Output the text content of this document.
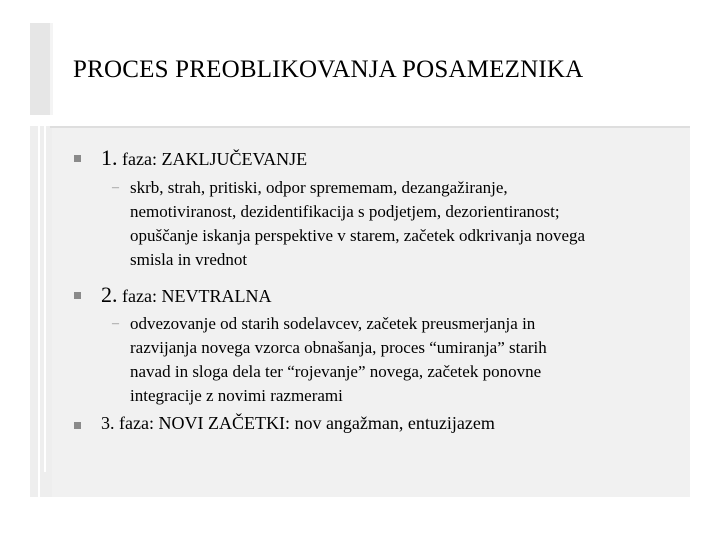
PROCES PREOBLIKOVANJA POSAMEZNIKA
1. faza: ZAKLJUČEVANJE
– skrb, strah, pritiski, odpor sprememam, dezangažiranje,
nemotiviranost, dezidentifikacija s podjetjem, dezorientiranost;
opuščanje iskanja perspektive v starem, začetek odkrivanja novega
smisla in vrednot
2. faza: NEVTRALNA
– odvezovanje od starih sodelavcev, začetek preusmerjanja in
razvijanja novega vzorca obnašanja, proces “umiranja” starih
navad in sloga dela ter “rojevanje” novega, začetek ponovne
integracije z novimi razmerami
3. faza: NOVI ZAČETKI: nov angažman, entuzijazem
